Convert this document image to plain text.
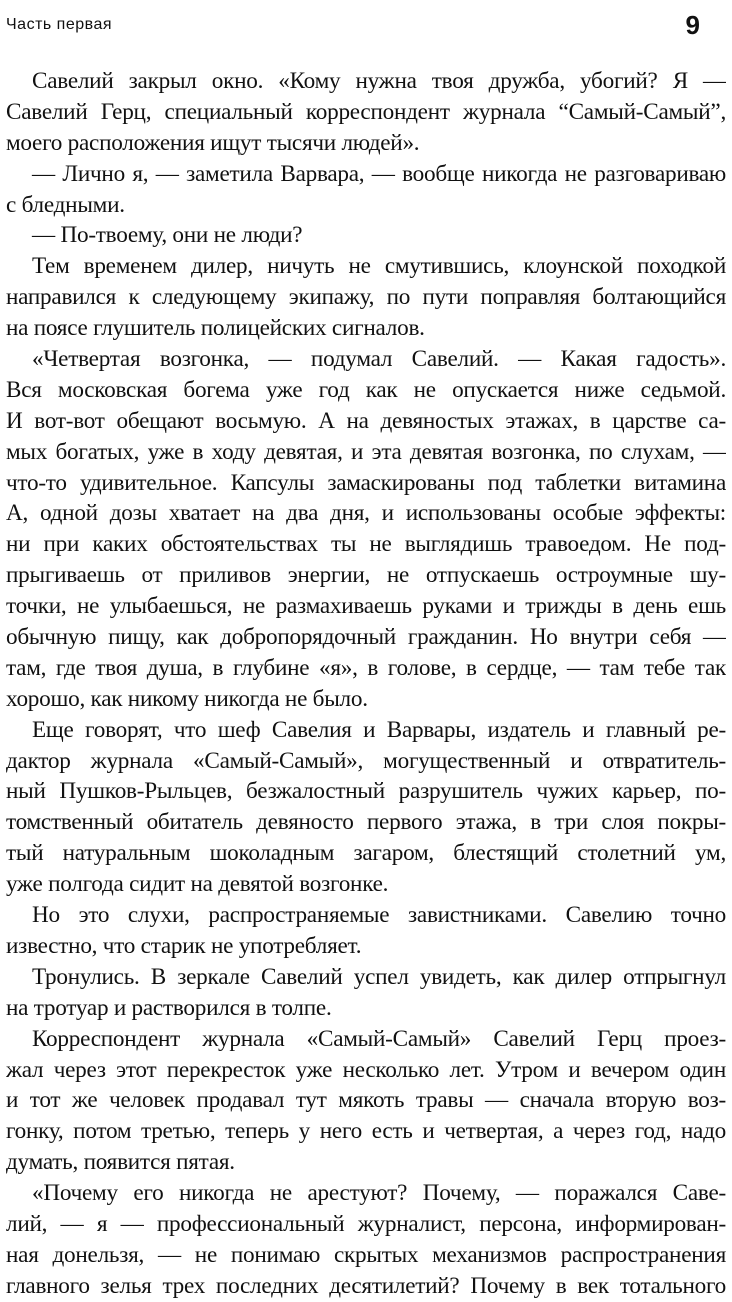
Часть первая	9
Савелий закрыл окно. «Кому нужна твоя дружба, убогий? Я —
Савелий Герц, специальный корреспондент журнала “Самый-Самый”,
моего расположения ищут тысячи людей».
— Лично я, — заметила Варвара, — вообще никогда не разговариваю
с бледными.
— По-твоему, они не люди?
Тем временем дилер, ничуть не смутившись, клоунской походкой
направился к следующему экипажу, по пути поправляя болтающийся
на поясе глушитель полицейских сигналов.
«Четвертая возгонка, — подумал Савелий. — Какая гадость».
Вся московская богема уже год как не опускается ниже седьмой.
И вот-вот обещают восьмую. А на девяностых этажах, в царстве са-
мых богатых, уже в ходу девятая, и эта девятая возгонка, по слухам, —
что-то удивительное. Капсулы замаскированы под таблетки витамина
А, одной дозы хватает на два дня, и использованы особые эффекты:
ни при каких обстоятельствах ты не выглядишь травоедом. Не под-
прыгиваешь от приливов энергии, не отпускаешь остроумные шу-
точки, не улыбаешься, не размахиваешь руками и трижды в день ешь
обычную пищу, как добропорядочный гражданин. Но внутри себя —
там, где твоя душа, в глубине «я», в голове, в сердце, — там тебе так
хорошо, как никому никогда не было.
Еще говорят, что шеф Савелия и Варвары, издатель и главный ре-
дактор журнала «Самый-Самый», могущественный и отвратитель-
ный Пушков-Рыльцев, безжалостный разрушитель чужих карьер, по-
томственный обитатель девяносто первого этажа, в три слоя покры-
тый натуральным шоколадным загаром, блестящий столетний ум,
уже полгода сидит на девятой возгонке.
Но это слухи, распространяемые завистниками. Савелию точно
известно, что старик не употребляет.
Тронулись. В зеркале Савелий успел увидеть, как дилер отпрыгнул
на тротуар и растворился в толпе.
Корреспондент журнала «Самый-Самый» Савелий Герц проез-
жал через этот перекресток уже несколько лет. Утром и вечером один
и тот же человек продавал тут мякоть травы — сначала вторую воз-
гонку, потом третью, теперь у него есть и четвертая, а через год, надо
думать, появится пятая.
«Почему его никогда не арестуют? Почему, — поражался Саве-
лий, — я — профессиональный журналист, персона, информирован-
ная донельзя, — не понимаю скрытых механизмов распространения
главного зелья трех последних десятилетий? Почему в век тотального
